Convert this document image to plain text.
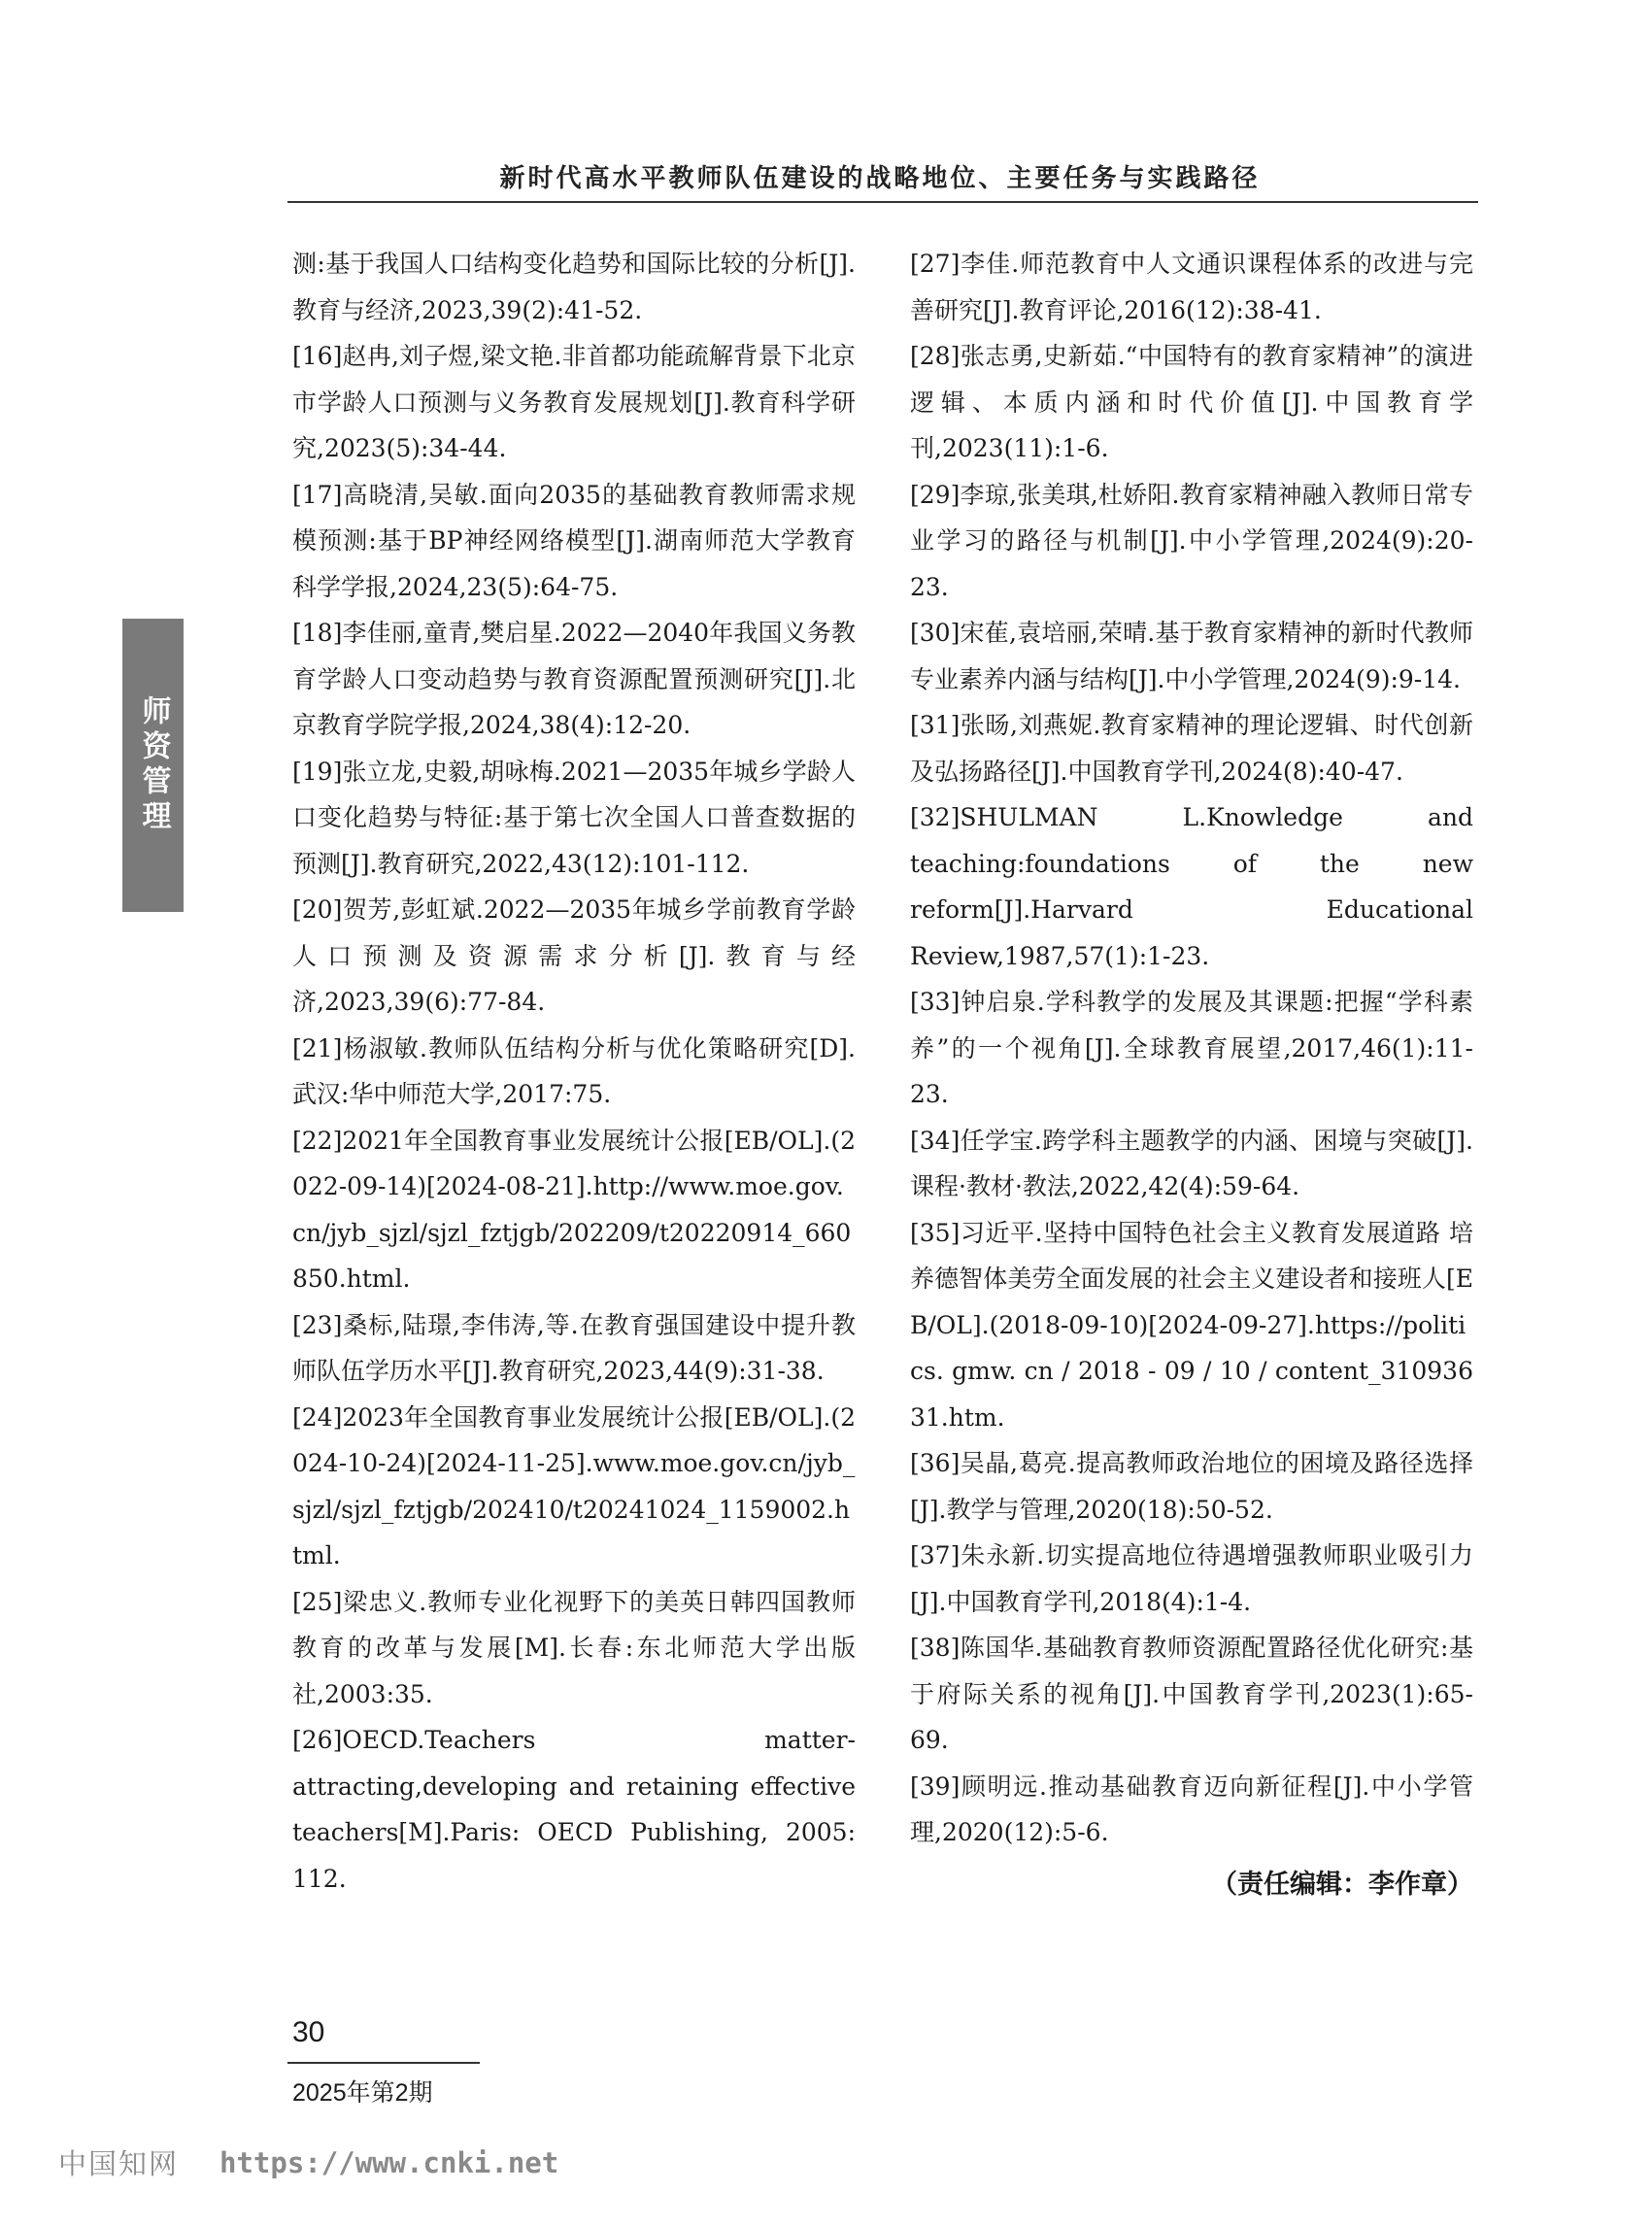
新时代高水平教师队伍建设的战略地位、主要任务与实践路径
师资管理

测:基于我国人口结构变化趋势和国际比较的分析[J].教育与经济,2023,39(2):41-52.

[16]赵冉,刘子煜,梁文艳.非首都功能疏解背景下北京市学龄人口预测与义务教育发展规划[J].教育科学研究,2023(5):34-44.

[17]高晓清,吴敏.面向2035的基础教育教师需求规模预测:基于BP神经网络模型[J].湖南师范大学教育科学学报,2024,23(5):64-75.

[18]李佳丽,童青,樊启星.2022—2040年我国义务教育学龄人口变动趋势与教育资源配置预测研究[J].北京教育学院学报,2024,38(4):12-20.

[19]张立龙,史毅,胡咏梅.2021—2035年城乡学龄人口变化趋势与特征:基于第七次全国人口普查数据的预测[J].教育研究,2022,43(12):101-112.

[20]贺芳,彭虹斌.2022—2035年城乡学前教育学龄人口预测及资源需求分析[J].教育与经济,2023,39(6):77-84.

[21]杨淑敏.教师队伍结构分析与优化策略研究[D].武汉:华中师范大学,2017:75.

[22]2021年全国教育事业发展统计公报[EB/OL].(2022-09-14)[2024-08-21].http://www.moe.gov.cn/jyb_sjzl/sjzl_fztjgb/202209/t20220914_660850.html.

[23]桑标,陆璟,李伟涛,等.在教育强国建设中提升教师队伍学历水平[J].教育研究,2023,44(9):31-38.

[24]2023年全国教育事业发展统计公报[EB/OL].(2024-10-24)[2024-11-25].www.moe.gov.cn/jyb_sjzl/sjzl_fztjgb/202410/t20241024_1159002.html.

[25]梁忠义.教师专业化视野下的美英日韩四国教师教育的改革与发展[M].长春:东北师范大学出版社,2003:35.

[26]OECD.Teachers matter-attracting,developing and retaining effective teachers[M].Paris: OECD Publishing, 2005: 112.

[27]李佳.师范教育中人文通识课程体系的改进与完善研究[J].教育评论,2016(12):38-41.

[28]张志勇,史新茹.“中国特有的教育家精神”的演进逻辑、本质内涵和时代价值[J].中国教育学刊,2023(11):1-6.

[29]李琼,张美琪,杜娇阳.教育家精神融入教师日常专业学习的路径与机制[J].中小学管理,2024(9):20-23.

[30]宋萑,袁培丽,荣晴.基于教育家精神的新时代教师专业素养内涵与结构[J].中小学管理,2024(9):9-14.

[31]张旸,刘燕妮.教育家精神的理论逻辑、时代创新及弘扬路径[J].中国教育学刊,2024(8):40-47.

[32]SHULMAN L.Knowledge and teaching:foundations of the new reform[J].Harvard Educational Review,1987,57(1):1-23.

[33]钟启泉.学科教学的发展及其课题:把握“学科素养”的一个视角[J].全球教育展望,2017,46(1):11-23.

[34]任学宝.跨学科主题教学的内涵、困境与突破[J].课程·教材·教法,2022,42(4):59-64.

[35]习近平.坚持中国特色社会主义教育发展道路 培养德智体美劳全面发展的社会主义建设者和接班人[EB/OL].(2018-09-10)[2024-09-27].https://politics. gmw. cn / 2018 - 09 / 10 / content_31093631.htm.

[36]吴晶,葛亮.提高教师政治地位的困境及路径选择[J].教学与管理,2020(18):50-52.

[37]朱永新.切实提高地位待遇增强教师职业吸引力[J].中国教育学刊,2018(4):1-4.

[38]陈国华.基础教育教师资源配置路径优化研究:基于府际关系的视角[J].中国教育学刊,2023(1):65-69.

[39]顾明远.推动基础教育迈向新征程[J].中小学管理,2020(12):5-6.

（责任编辑：李作章）
30
2025年第2期
中国知网 https://www.cnki.net
